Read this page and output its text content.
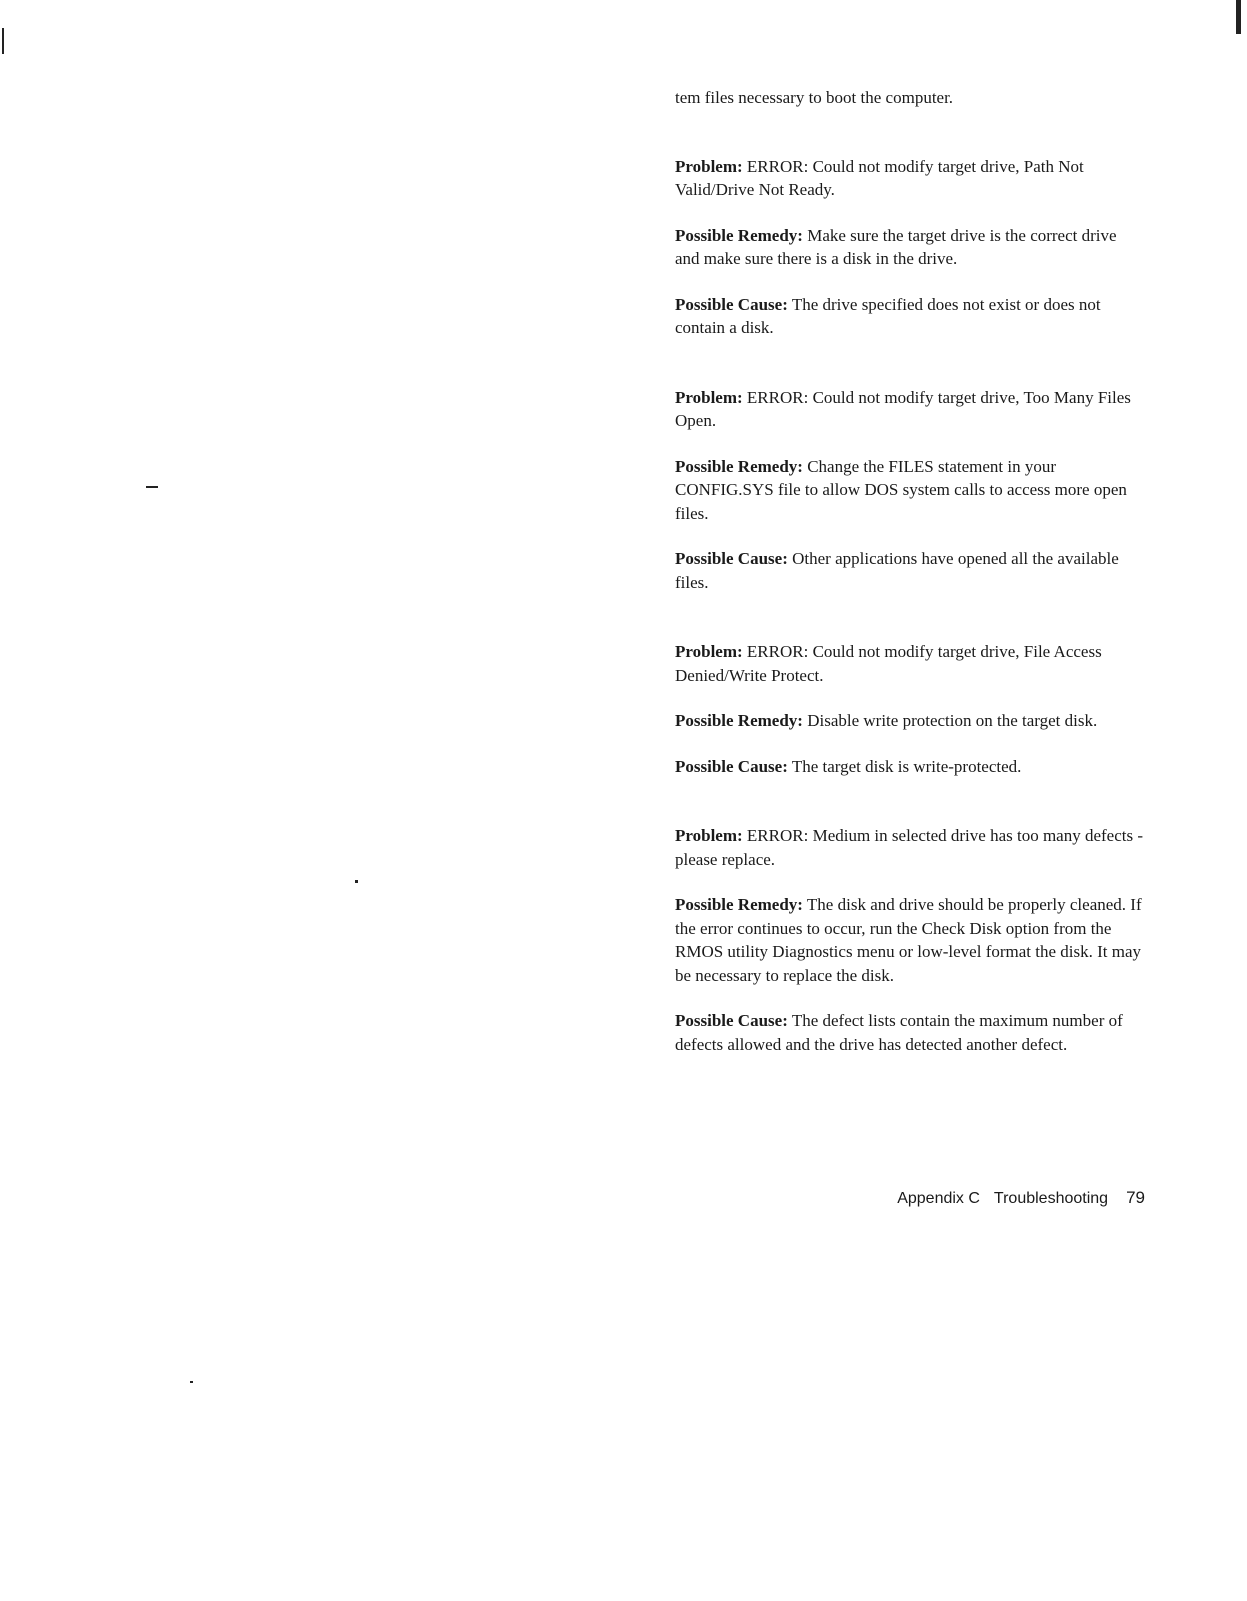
tem files necessary to boot the computer.

Problem: ERROR: Could not modify target drive, Path Not Valid/Drive Not Ready.

Possible Remedy: Make sure the target drive is the correct drive and make sure there is a disk in the drive.

Possible Cause: The drive specified does not exist or does not contain a disk.

Problem: ERROR: Could not modify target drive, Too Many Files Open.

Possible Remedy: Change the FILES statement in your CONFIG.SYS file to allow DOS system calls to access more open files.

Possible Cause: Other applications have opened all the available files.

Problem: ERROR: Could not modify target drive, File Access Denied/Write Protect.

Possible Remedy: Disable write protection on the target disk.

Possible Cause: The target disk is write-protected.

Problem: ERROR: Medium in selected drive has too many defects - please replace.

Possible Remedy: The disk and drive should be properly cleaned. If the error continues to occur, run the Check Disk option from the RMOS utility Diagnostics menu or low-level format the disk. It may be necessary to replace the disk.

Possible Cause: The defect lists contain the maximum number of defects allowed and the drive has detected another defect.

Appendix C Troubleshooting 79
